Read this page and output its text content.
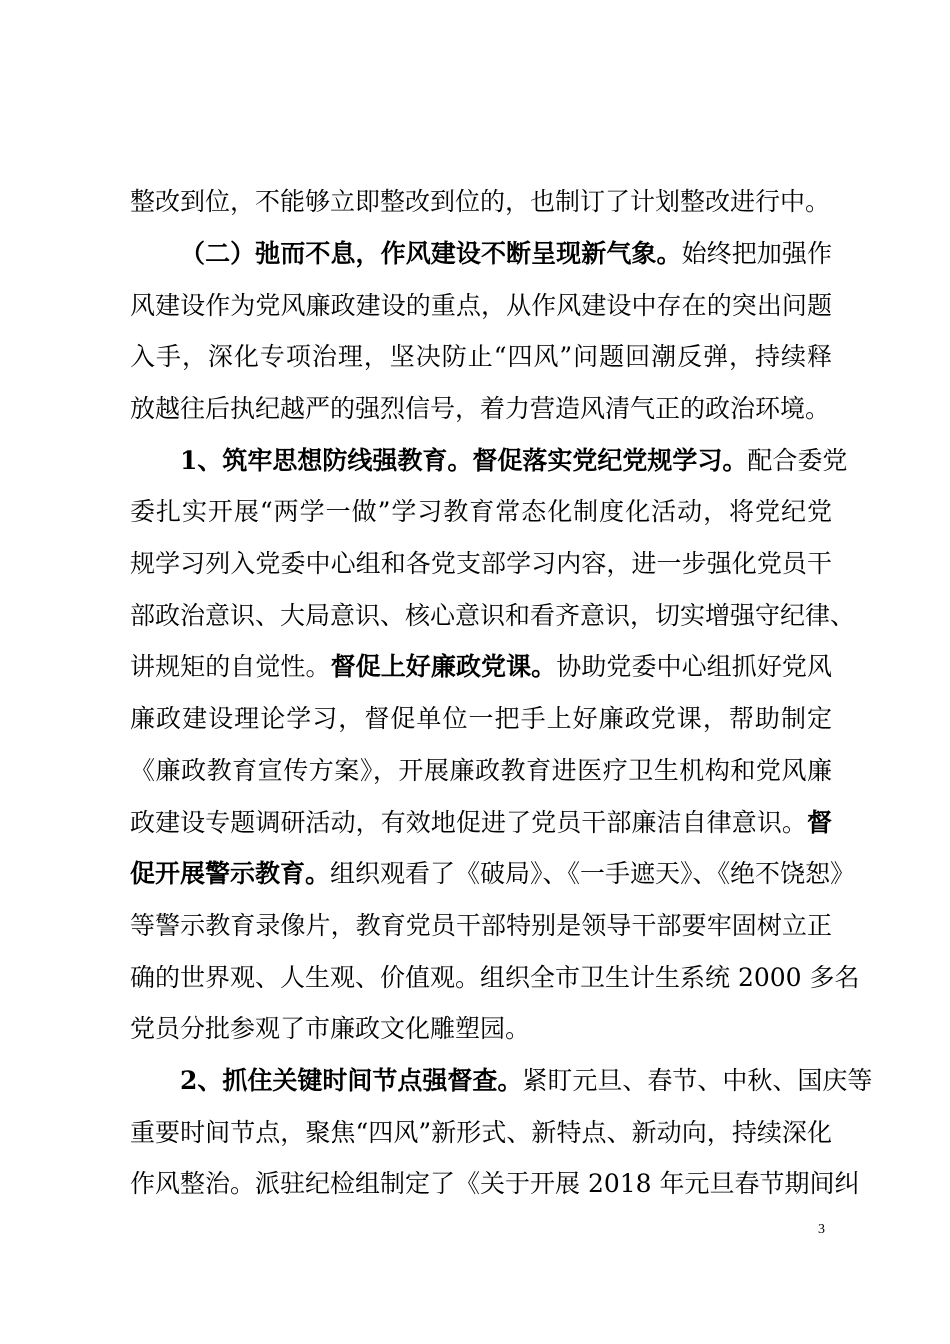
整改到位，不能够立即整改到位的，也制订了计划整改进行中。
（二）弛而不息，作风建设不断呈现新气象。始终把加强作
风建设作为党风廉政建设的重点，从作风建设中存在的突出问题
入手，深化专项治理，坚决防止“四风”问题回潮反弹，持续释
放越往后执纪越严的强烈信号，着力营造风清气正的政治环境。
1、筑牢思想防线强教育。督促落实党纪党规学习。配合委党
委扎实开展“两学一做”学习教育常态化制度化活动，将党纪党
规学习列入党委中心组和各党支部学习内容，进一步强化党员干
部政治意识、大局意识、核心意识和看齐意识，切实增强守纪律、
讲规矩的自觉性。督促上好廉政党课。协助党委中心组抓好党风
廉政建设理论学习，督促单位一把手上好廉政党课，帮助制定
《廉政教育宣传方案》，开展廉政教育进医疗卫生机构和党风廉
政建设专题调研活动，有效地促进了党员干部廉洁自律意识。督
促开展警示教育。组织观看了《破局》、《一手遮天》、《绝不饶恕》
等警示教育录像片，教育党员干部特别是领导干部要牢固树立正
确的世界观、人生观、价值观。组织全市卫生计生系统 2000 多名
党员分批参观了市廉政文化雕塑园。
2、抓住关键时间节点强督查。紧盯元旦、春节、中秋、国庆等
重要时间节点，聚焦“四风”新形式、新特点、新动向，持续深化
作风整治。派驻纪检组制定了《关于开展 2018 年元旦春节期间纠
3
